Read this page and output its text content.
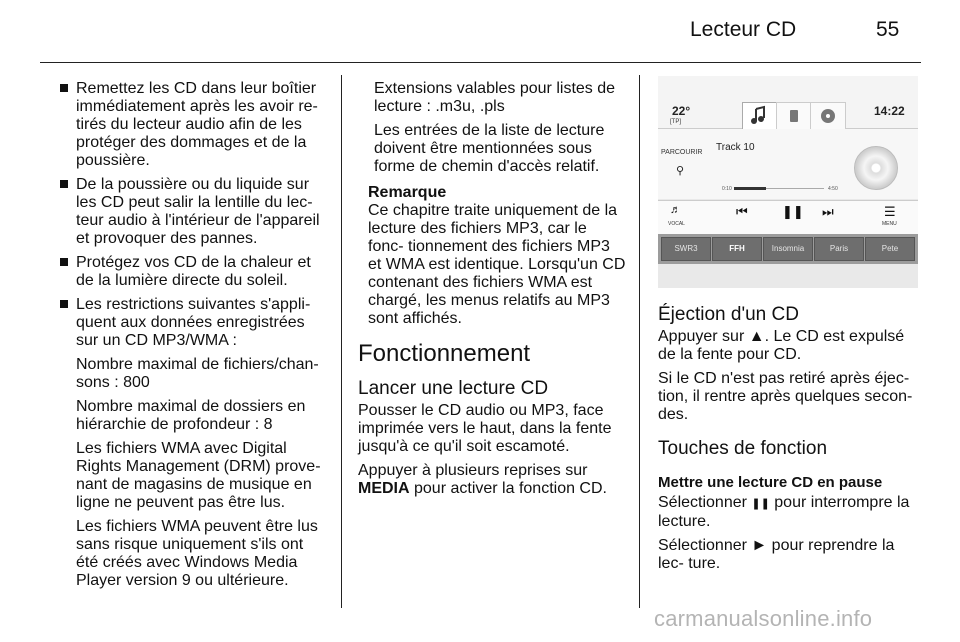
Lecteur CD	55
Remettez les CD dans leur boîtier immédiatement après les avoir re- tirés du lecteur audio afin de les protéger des dommages et de la poussière.
De la poussière ou du liquide sur les CD peut salir la lentille du lec- teur audio à l'intérieur de l'appareil et provoquer des pannes.
Protégez vos CD de la chaleur et de la lumière directe du soleil.
Les restrictions suivantes s'appli- quent aux données enregistrées sur un CD MP3/WMA :

Nombre maximal de fichiers/chan- sons : 800

Nombre maximal de dossiers en hiérarchie de profondeur : 8

Les fichiers WMA avec Digital Rights Management (DRM) prove- nant de magasins de musique en ligne ne peuvent pas être lus.

Les fichiers WMA peuvent être lus sans risque uniquement s'ils ont été créés avec Windows Media Player version 9 ou ultérieure.

Extensions valables pour listes de lecture : .m3u, .pls

Les entrées de la liste de lecture doivent être mentionnées sous forme de chemin d'accès relatif.

Remarque

Ce chapitre traite uniquement de la lecture des fichiers MP3, car le fonc- tionnement des fichiers MP3 et WMA est identique. Lorsqu'un CD contenant des fichiers WMA est chargé, les menus relatifs au MP3 sont affichés.

Fonctionnement
Lancer une lecture CD

Pousser le CD audio ou MP3, face imprimée vers le haut, dans la fente jusqu'à ce qu'il soit escamoté.

Appuyer à plusieurs reprises sur MEDIA pour activer la fonction CD.

22°
[TP]
14:22
PARCOURIR
⚲
Track 10
0:10	4:50
♬
VOCAL
⏮	❚❚ ⏭	☰
MENU
SWR3	FFH	Insomnia	Paris	Pete
Éjection d'un CD

Appuyer sur ▲. Le CD est expulsé de la fente pour CD.

Si le CD n'est pas retiré après éjec- tion, il rentre après quelques secon- des.

Touches de fonction
Mettre une lecture CD en pause

Sélectionner ❚❚ pour interrompre la lecture.

Sélectionner ► pour reprendre la lec- ture.

carmanualsonline.info
